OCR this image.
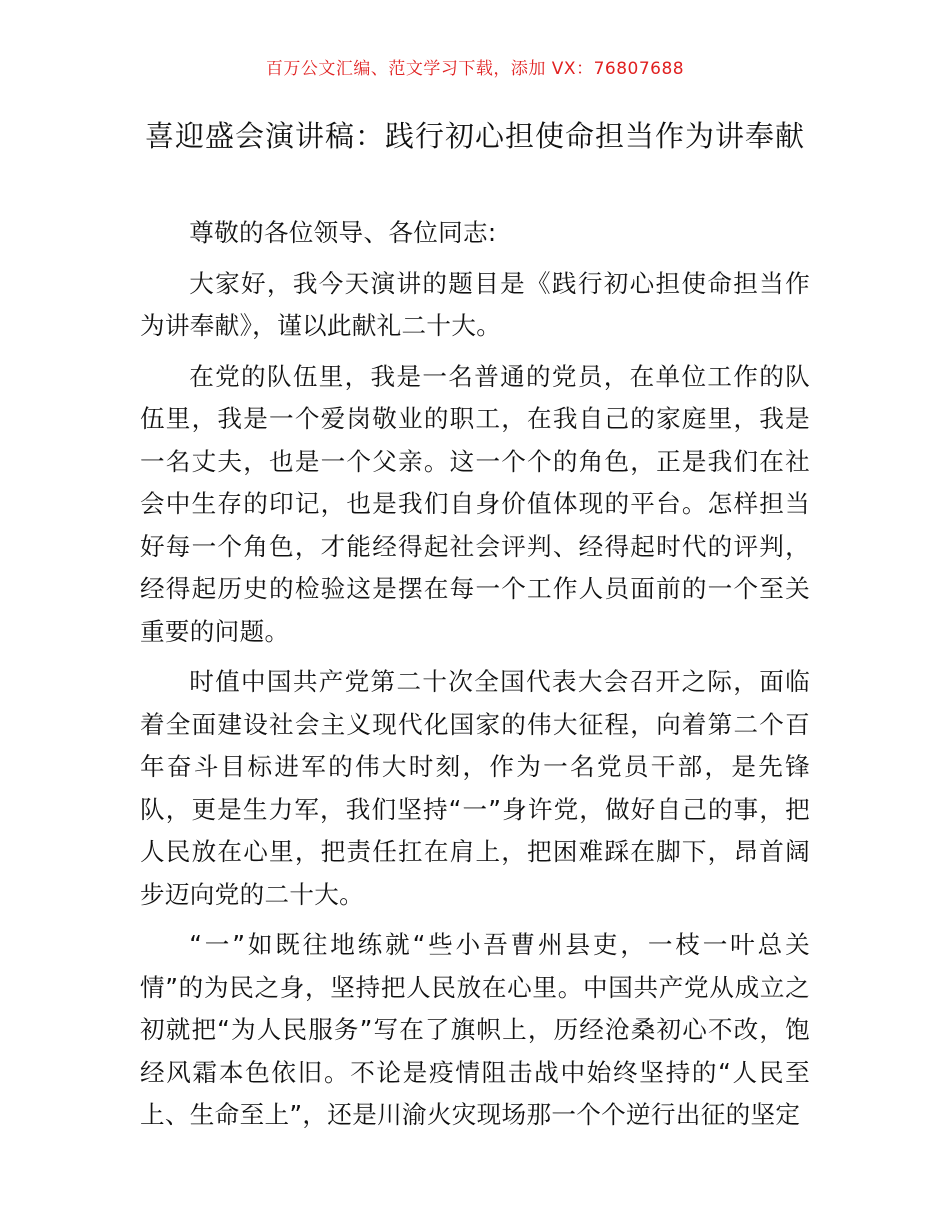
百万公文汇编、范文学习下载，添加 VX：76807688
喜迎盛会演讲稿：践行初心担使命担当作为讲奉献

尊敬的各位领导、各位同志:

大家好，我今天演讲的题目是《践行初心担使命担当作为讲奉献》，谨以此献礼二十大。

在党的队伍里，我是一名普通的党员，在单位工作的队伍里，我是一个爱岗敬业的职工，在我自己的家庭里，我是一名丈夫，也是一个父亲。这一个个的角色，正是我们在社会中生存的印记，也是我们自身价值体现的平台。怎样担当好每一个角色，才能经得起社会评判、经得起时代的评判，经得起历史的检验这是摆在每一个工作人员面前的一个至关重要的问题。

时值中国共产党第二十次全国代表大会召开之际，面临着全面建设社会主义现代化国家的伟大征程，向着第二个百年奋斗目标进军的伟大时刻，作为一名党员干部，是先锋队，更是生力军，我们坚持“一”身许党，做好自己的事，把人民放在心里，把责任扛在肩上，把困难踩在脚下，昂首阔步迈向党的二十大。

“一”如既往地练就“些小吾曹州县吏，一枝一叶总关情”的为民之身，坚持把人民放在心里。中国共产党从成立之初就把“为人民服务”写在了旗帜上，历经沧桑初心不改，饱经风霜本色依旧。不论是疫情阻击战中始终坚持的“人民至上、生命至上”，还是川渝火灾现场那一个个逆行出征的坚定
